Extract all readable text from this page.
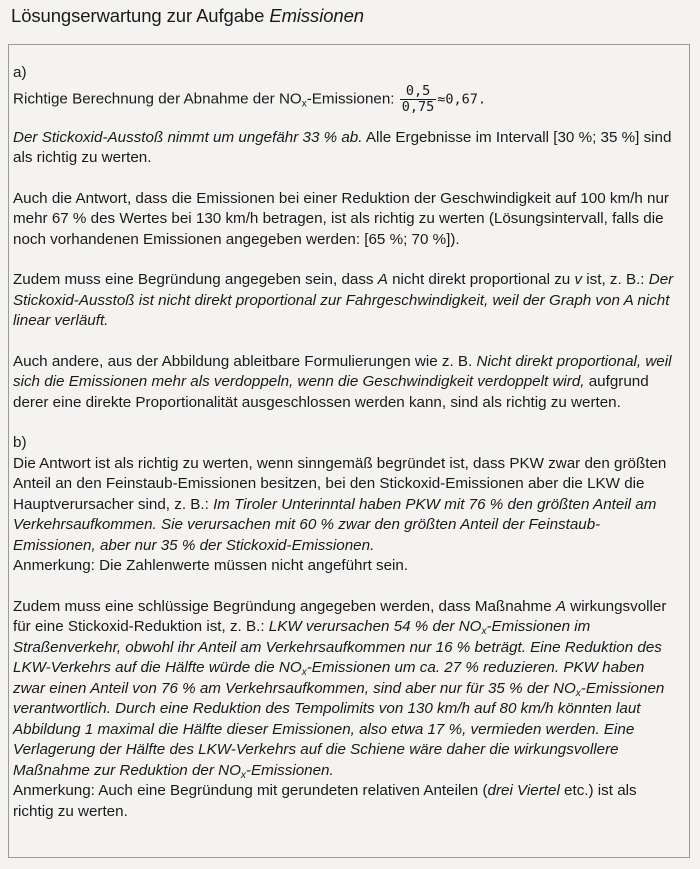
Lösungserwartung zur Aufgabe Emissionen

a)

Richtige Berechnung der Abnahme der $NO_x$-Emissionen: $\frac{0,5}{0,75} \approx 0,67$.

Der Stickoxid-Ausstoß nimmt um ungefähr 33 % ab. Alle Ergebnisse im Intervall [30 %; 35 %] sind als richtig zu werten.

Auch die Antwort, dass die Emissionen bei einer Reduktion der Geschwindigkeit auf 100 km/h nur mehr 67 % des Wertes bei 130 km/h betragen, ist als richtig zu werten (Lösungsintervall, falls die noch vorhandenen Emissionen angegeben werden: [65 %; 70 %]).

Zudem muss eine Begründung angegeben sein, dass A nicht direkt proportional zu v ist, z. B.: Der Stickoxid-Ausstoß ist nicht direkt proportional zur Fahrgeschwindigkeit, weil der Graph von A nicht linear verläuft.

Auch andere, aus der Abbildung ableitbare Formulierungen wie z. B. Nicht direkt proportional, weil sich die Emissionen mehr als verdoppeln, wenn die Geschwindigkeit verdoppelt wird, aufgrund derer eine direkte Proportionalität ausgeschlossen werden kann, sind als richtig zu werten.

b)

Die Antwort ist als richtig zu werten, wenn sinngemäß begründet ist, dass PKW zwar den größten Anteil an den Feinstaub-Emissionen besitzen, bei den Stickoxid-Emissionen aber die LKW die Hauptverursacher sind, z. B.: Im Tiroler Unterinntal haben PKW mit 76 % den größten Anteil am Verkehrsaufkommen. Sie verursachen mit 60 % zwar den größten Anteil der Feinstaub-Emissionen, aber nur 35 % der Stickoxid-Emissionen.

Anmerkung: Die Zahlenwerte müssen nicht angeführt sein.

Zudem muss eine schlüssige Begründung angegeben werden, dass Maßnahme A wirkungsvoller für eine Stickoxid-Reduktion ist, z. B.: LKW verursachen 54 % der $NO_x$-Emissionen im Straßenverkehr, obwohl ihr Anteil am Verkehrsaufkommen nur 16 % beträgt. Eine Reduktion des LKW-Verkehrs auf die Hälfte würde die $NO_x$-Emissionen um ca. 27 % reduzieren. PKW haben zwar einen Anteil von 76 % am Verkehrsaufkommen, sind aber nur für 35 % der $NO_x$-Emissionen verantwortlich. Durch eine Reduktion des Tempolimits von 130 km/h auf 80 km/h könnten laut Abbildung 1 maximal die Hälfte dieser Emissionen, also etwa 17 %, vermieden werden. Eine Verlagerung der Hälfte des LKW-Verkehrs auf die Schiene wäre daher die wirkungsvollere Maßnahme zur Reduktion der $NO_x$-Emissionen.

Anmerkung: Auch eine Begründung mit gerundeten relativen Anteilen (drei Viertel etc.) ist als richtig zu werten.
